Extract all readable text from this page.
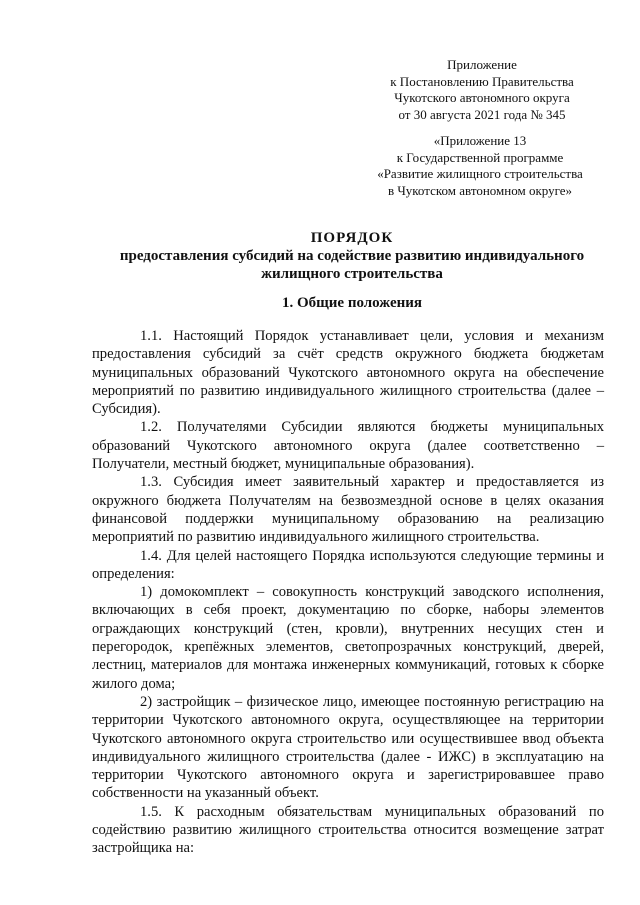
Приложение
к Постановлению Правительства
Чукотского автономного округа
от 30 августа 2021 года № 345
«Приложение 13
к Государственной программе
«Развитие жилищного строительства
в Чукотском автономном округе»
ПОРЯДОК
предоставления субсидий на содействие развитию индивидуального
жилищного строительства
1. Общие положения

1.1. Настоящий Порядок устанавливает цели, условия и механизм предоставления субсидий за счёт средств окружного бюджета бюджетам муниципальных образований Чукотского автономного округа на обеспечение мероприятий по развитию индивидуального жилищного строительства (далее – Субсидия).

1.2. Получателями Субсидии являются бюджеты муниципальных образований Чукотского автономного округа (далее соответственно – Получатели, местный бюджет, муниципальные образования).

1.3. Субсидия имеет заявительный характер и предоставляется из окружного бюджета Получателям на безвозмездной основе в целях оказания финансовой поддержки муниципальному образованию на реализацию мероприятий по развитию индивидуального жилищного строительства.

1.4. Для целей настоящего Порядка используются следующие термины и определения:

1) домокомплект – совокупность конструкций заводского исполнения, включающих в себя проект, документацию по сборке, наборы элементов ограждающих конструкций (стен, кровли), внутренних несущих стен и перегородок, крепёжных элементов, светопрозрачных конструкций, дверей, лестниц, материалов для монтажа инженерных коммуникаций, готовых к сборке жилого дома;

2) застройщик – физическое лицо, имеющее постоянную регистрацию на территории Чукотского автономного округа, осуществляющее на территории Чукотского автономного округа строительство или осуществившее ввод объекта индивидуального жилищного строительства (далее - ИЖС) в эксплуатацию на территории Чукотского автономного округа и зарегистрировавшее право собственности на указанный объект.

1.5. К расходным обязательствам муниципальных образований по содействию развитию жилищного строительства относится возмещение затрат застройщика на:
